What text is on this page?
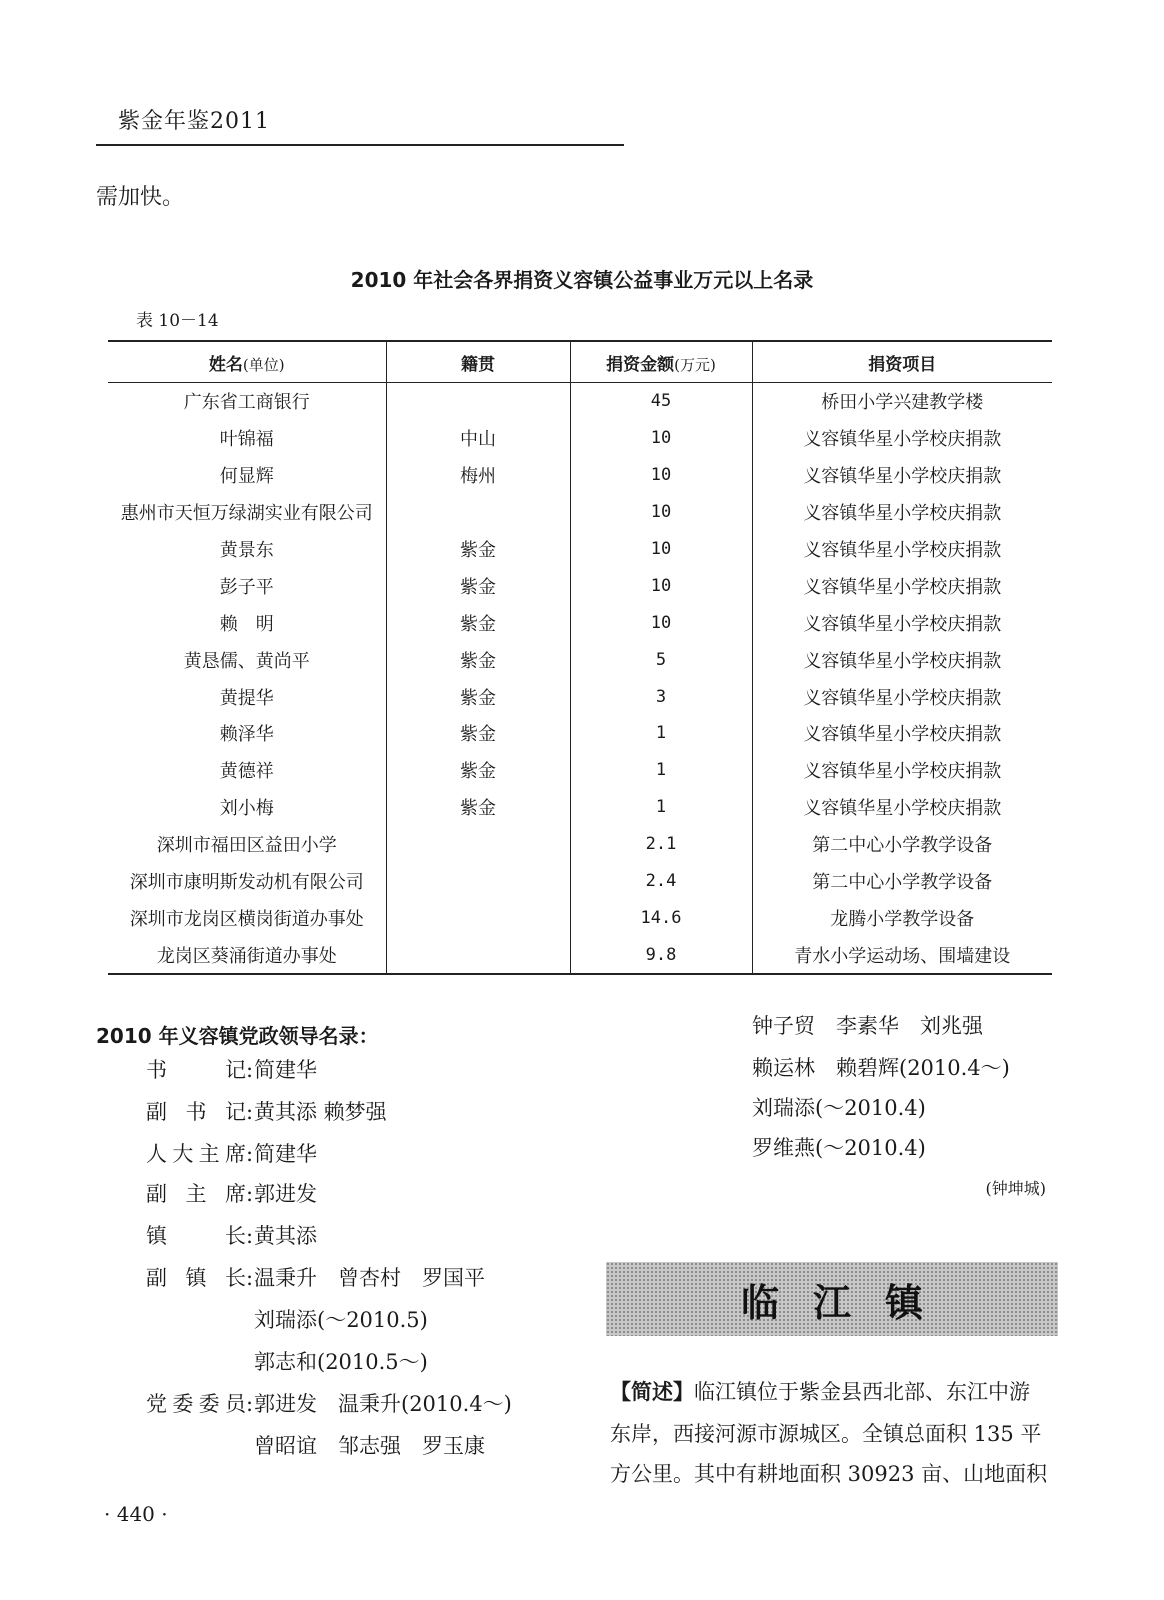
紫金年鉴2011
需加快。
2010 年社会各界捐资义容镇公益事业万元以上名录
表 10－14
姓名(单位)	籍贯	捐资金额(万元)	捐资项目
广东省工商银行		45	桥田小学兴建教学楼
叶锦福	中山	10	义容镇华星小学校庆捐款
何显辉	梅州	10	义容镇华星小学校庆捐款
惠州市天恒万绿湖实业有限公司		10	义容镇华星小学校庆捐款
黄景东	紫金	10	义容镇华星小学校庆捐款
彭子平	紫金	10	义容镇华星小学校庆捐款
赖　明	紫金	10	义容镇华星小学校庆捐款
黄恳儒、黄尚平	紫金	5	义容镇华星小学校庆捐款
黄提华	紫金	3	义容镇华星小学校庆捐款
赖泽华	紫金	1	义容镇华星小学校庆捐款
黄德祥	紫金	1	义容镇华星小学校庆捐款
刘小梅	紫金	1	义容镇华星小学校庆捐款
深圳市福田区益田小学		2.1	第二中心小学教学设备
深圳市康明斯发动机有限公司		2.4	第二中心小学教学设备
深圳市龙岗区横岗街道办事处		14.6	龙腾小学教学设备
龙岗区葵涌街道办事处		9.8	青水小学运动场、围墙建设
2010 年义容镇党政领导名录：
书记:简建华
副书记:黄其添 赖梦强
人大主席:简建华
副主席:郭进发
镇长:黄其添
副镇长:温秉升　曾杏村　罗国平
党委委员:郭进发　温秉升(2010.4～)
刘瑞添(～2010.5)
郭志和(2010.5～)
曾昭谊　邹志强　罗玉康
钟子贸　李素华　刘兆强
赖运林　赖碧辉(2010.4～)
刘瑞添(～2010.4)
罗维燕(～2010.4)
(钟坤城)
临江镇
【简述】临江镇位于紫金县西北部、东江中游
东岸，西接河源市源城区。全镇总面积 135 平
方公里。其中有耕地面积 30923 亩、山地面积
· 440 ·
